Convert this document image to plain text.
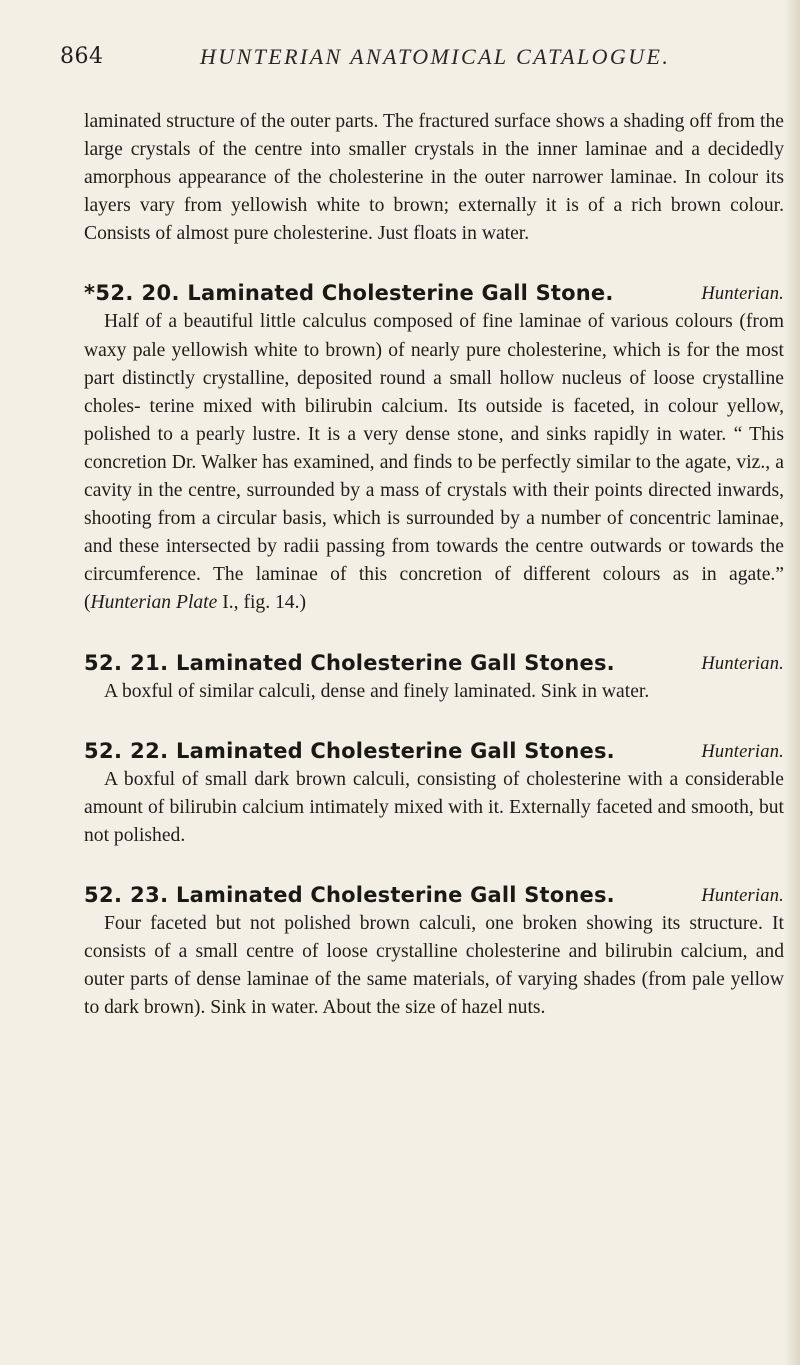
864	HUNTERIAN ANATOMICAL CATALOGUE.

laminated structure of the outer parts. The fractured surface shows a shading off from the large crystals of the centre into smaller crystals in the inner laminae and a decidedly amorphous appearance of the cholesterine in the outer narrower laminae. In colour its layers vary from yellowish white to brown; externally it is of a rich brown colour. Consists of almost pure cholesterine. Just floats in water.

*52. 20. Laminated Cholesterine Gall Stone.	Hunterian.

Half of a beautiful little calculus composed of fine laminae of various colours (from waxy pale yellowish white to brown) of nearly pure cholesterine, which is for the most part distinctly crystalline, deposited round a small hollow nucleus of loose crystalline choles- terine mixed with bilirubin calcium. Its outside is faceted, in colour yellow, polished to a pearly lustre. It is a very dense stone, and sinks rapidly in water. “ This concretion Dr. Walker has examined, and finds to be perfectly similar to the agate, viz., a cavity in the centre, surrounded by a mass of crystals with their points directed inwards, shooting from a circular basis, which is surrounded by a number of concentric laminae, and these intersected by radii passing from towards the centre outwards or towards the circumference. The laminae of this concretion of different colours as in agate.” (Hunterian Plate I., fig. 14.)

52. 21. Laminated Cholesterine Gall Stones.	Hunterian.

A boxful of similar calculi, dense and finely laminated. Sink in water.

52. 22. Laminated Cholesterine Gall Stones.	Hunterian.

A boxful of small dark brown calculi, consisting of cholesterine with a considerable amount of bilirubin calcium intimately mixed with it. Externally faceted and smooth, but not polished.

52. 23. Laminated Cholesterine Gall Stones.	Hunterian.

Four faceted but not polished brown calculi, one broken showing its structure. It consists of a small centre of loose crystalline cholesterine and bilirubin calcium, and outer parts of dense laminae of the same materials, of varying shades (from pale yellow to dark brown). Sink in water. About the size of hazel nuts.
